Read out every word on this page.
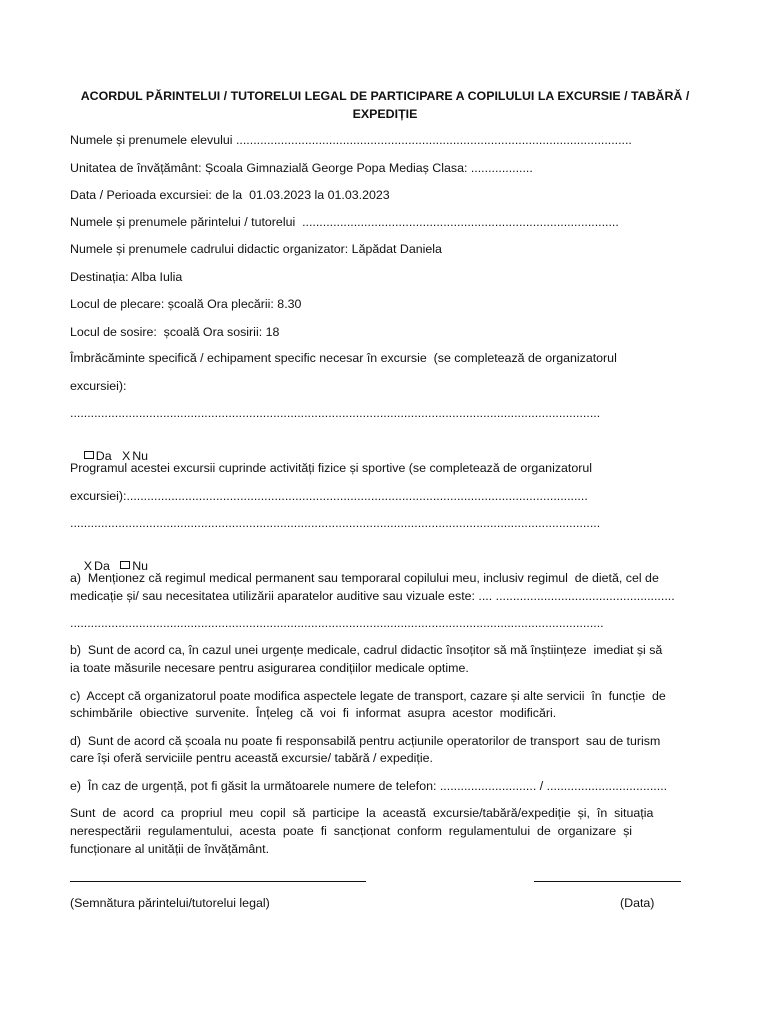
ACORDUL PĂRINTELUI / TUTORELUI LEGAL DE PARTICIPARE A COPILULUI LA EXCURSIE / TABĂRĂ /
EXPEDIȚIE
Numele și prenumele elevului ...................................................................................................................
Unitatea de învățământ: Școala Gimnazială George Popa Mediaș Clasa: ..................
Data / Perioada excursiei: de la  01.03.2023 la 01.03.2023
Numele și prenumele părintelui / tutorelui  ............................................................................................
Numele și prenumele cadrului didactic organizator: Lăpădat Daniela
Destinația: Alba Iulia
Locul de plecare: școală Ora plecării: 8.30
Locul de sosire:  școală Ora sosirii: 18
Îmbrăcăminte specifică / echipament specific necesar în excursie  (se completează de organizatorul
excursiei):
..........................................................................................................................................................

Da X Nu

Programul acestei excursii cuprinde activități fizice și sportive (se completează de organizatorul
excursiei):......................................................................................................................................
..........................................................................................................................................................

X Da Nu

a)  Menționez că regimul medical permanent sau temporaral copilului meu, inclusiv regimul  de dietă, cel de
medicație și/ sau necesitatea utilizării aparatelor auditive sau vizuale este: .... ....................................................
...........................................................................................................................................................
b)  Sunt de acord ca, în cazul unei urgențe medicale, cadrul didactic însoțitor să mă înștiințeze  imediat și să
ia toate măsurile necesare pentru asigurarea condițiilor medicale optime.
c)  Accept că organizatorul poate modifica aspectele legate de transport, cazare și alte servicii  în  funcție  de
schimbările  obiective  survenite.  Înțeleg  că  voi  fi  informat  asupra  acestor  modificări.
d)  Sunt de acord că școala nu poate fi responsabilă pentru acțiunile operatorilor de transport  sau de turism
care își oferă serviciile pentru această excursie/ tabără / expediție.
e)  În caz de urgență, pot fi găsit la următoarele numere de telefon: ............................ / ...................................
Sunt  de  acord  ca  propriul  meu  copil  să  participe  la  această  excursie/tabără/expediție  și,  în  situația
nerespectării  regulamentului,  acesta  poate  fi  sancționat  conform  regulamentului  de  organizare  și
funcționare al unității de învățământ.
(Semnătura părintelui/tutorelui legal)	(Data)
